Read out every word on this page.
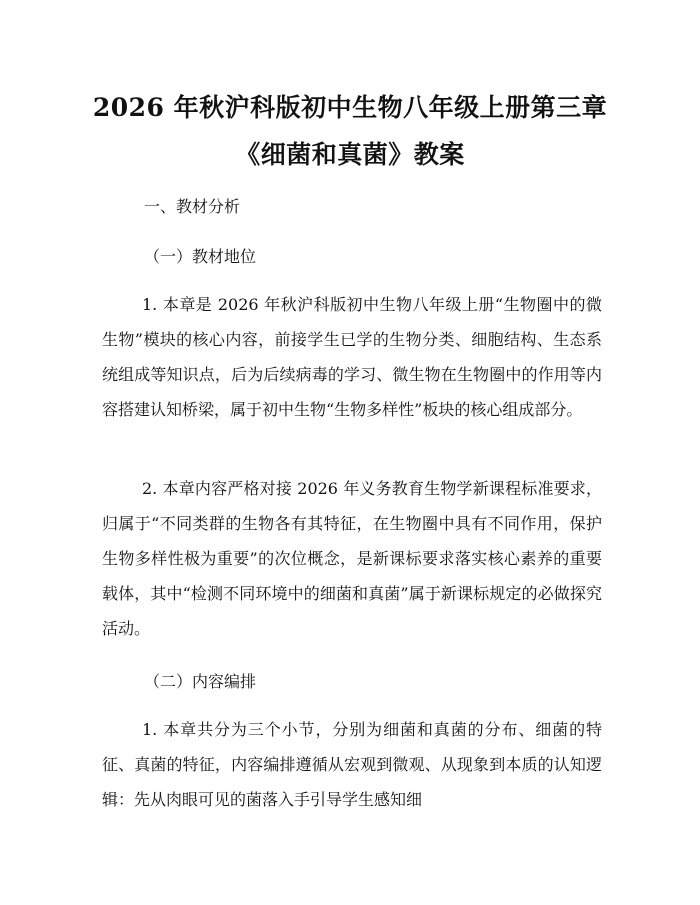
2026 年秋沪科版初中生物八年级上册第三章
《细菌和真菌》教案
一、教材分析
（一）教材地位

1. 本章是 2026 年秋沪科版初中生物八年级上册“生物圈中的微生物”模块的核心内容，前接学生已学的生物分类、细胞结构、生态系统组成等知识点，后为后续病毒的学习、微生物在生物圈中的作用等内容搭建认知桥梁，属于初中生物“生物多样性”板块的核心组成部分。

2. 本章内容严格对接 2026 年义务教育生物学新课程标准要求，归属于“不同类群的生物各有其特征，在生物圈中具有不同作用，保护生物多样性极为重要”的次位概念，是新课标要求落实核心素养的重要载体，其中“检测不同环境中的细菌和真菌”属于新课标规定的必做探究活动。

（二）内容编排

1. 本章共分为三个小节，分别为细菌和真菌的分布、细菌的特征、真菌的特征，内容编排遵循从宏观到微观、从现象到本质的认知逻辑：先从肉眼可见的菌落入手引导学生感知细
